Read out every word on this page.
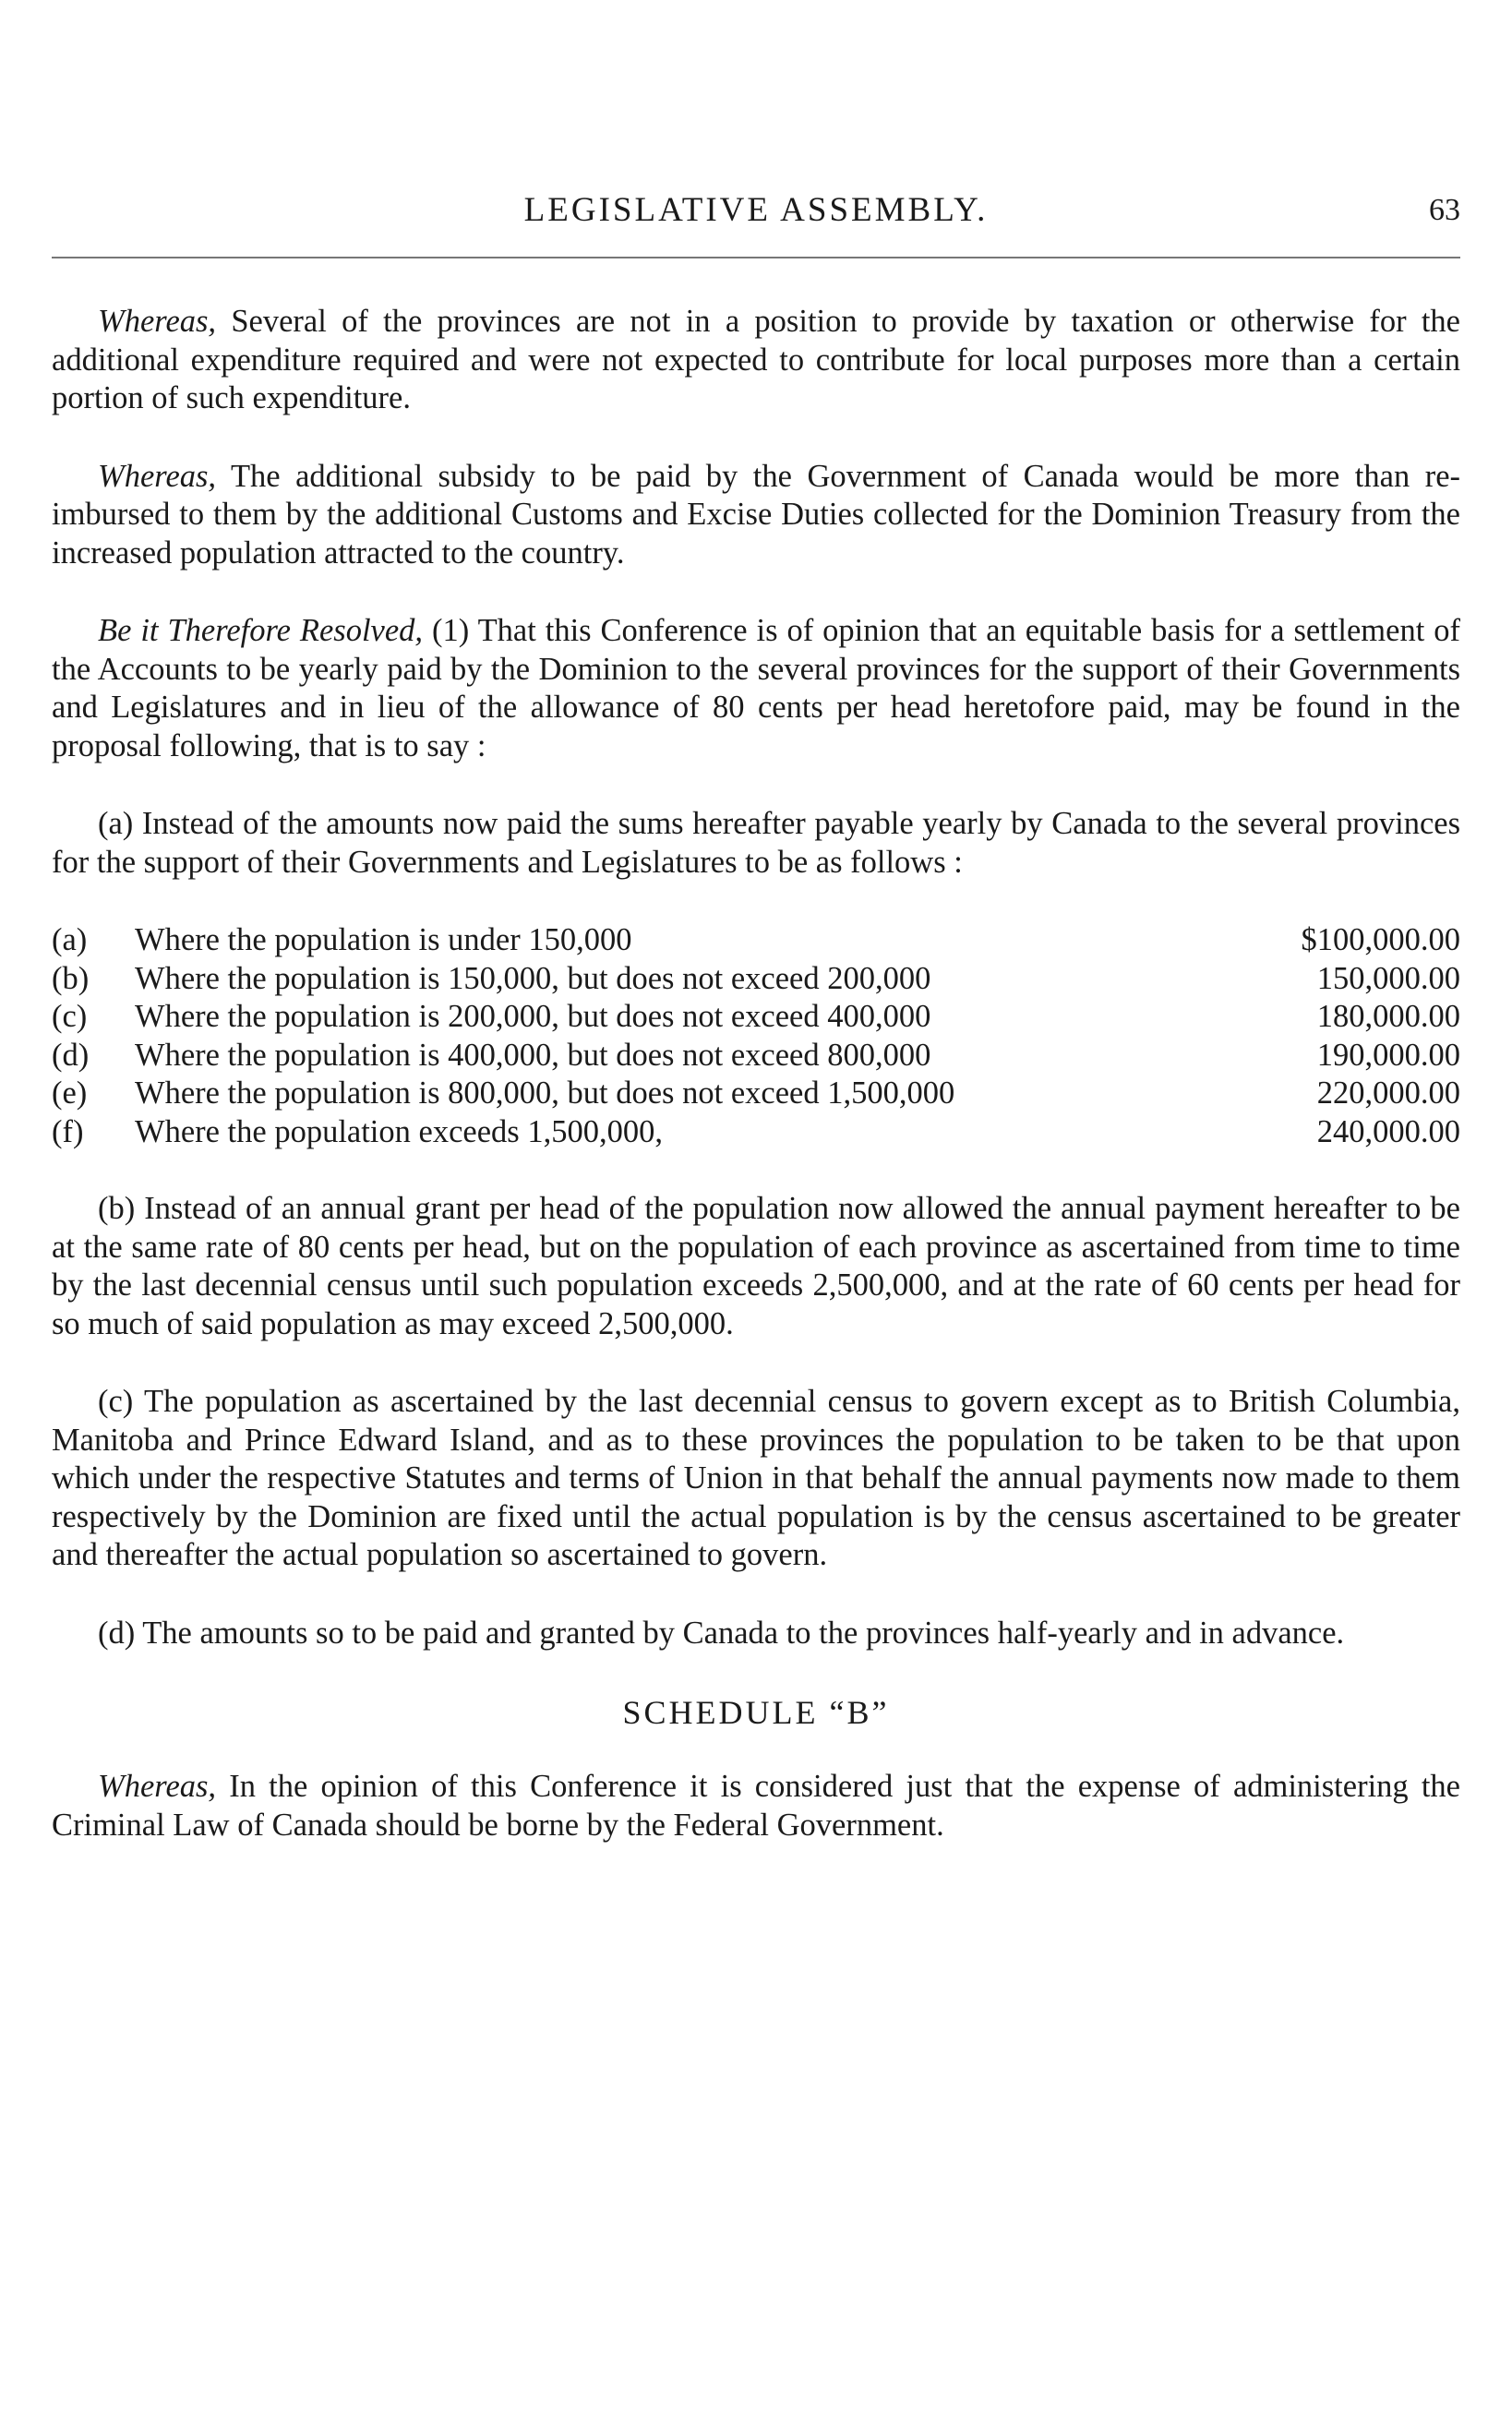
LEGISLATIVE ASSEMBLY.	63

Whereas, Several of the provinces are not in a position to provide by taxation or otherwise for the additional expenditure required and were not expected to contribute for local purposes more than a certain portion of such expenditure.

Whereas, The additional subsidy to be paid by the Government of Canada would be more than re-imbursed to them by the additional Customs and Excise Duties collected for the Dominion Treasury from the increased population attracted to the country.

Be it Therefore Resolved, (1) That this Conference is of opinion that an equitable basis for a settlement of the Accounts to be yearly paid by the Dominion to the several provinces for the support of their Governments and Legislatures and in lieu of the allowance of 80 cents per head heretofore paid, may be found in the proposal following, that is to say :

(a) Instead of the amounts now paid the sums hereafter payable yearly by Canada to the several provinces for the support of their Governments and Legislatures to be as follows :

(a)	Where the population is under 150,000	$100,000.00
(b)	Where the population is 150,000, but does not exceed 200,000	150,000.00
(c)	Where the population is 200,000, but does not exceed 400,000	180,000.00
(d)	Where the population is 400,000, but does not exceed 800,000	190,000.00
(e)	Where the population is 800,000, but does not exceed 1,500,000	220,000.00
(f)	Where the population exceeds 1,500,000,	240,000.00

(b) Instead of an annual grant per head of the population now allowed the annual payment hereafter to be at the same rate of 80 cents per head, but on the population of each province as ascertained from time to time by the last decennial census until such population exceeds 2,500,000, and at the rate of 60 cents per head for so much of said population as may exceed 2,500,000.

(c) The population as ascertained by the last decennial census to govern except as to British Columbia, Manitoba and Prince Edward Island, and as to these provinces the population to be taken to be that upon which under the respective Statutes and terms of Union in that behalf the annual payments now made to them respectively by the Dominion are fixed until the actual population is by the census ascertained to be greater and thereafter the actual population so ascertained to govern.

(d) The amounts so to be paid and granted by Canada to the provinces half-yearly and in advance.

SCHEDULE “B”

Whereas, In the opinion of this Conference it is considered just that the expense of administering the Criminal Law of Canada should be borne by the Federal Government.
